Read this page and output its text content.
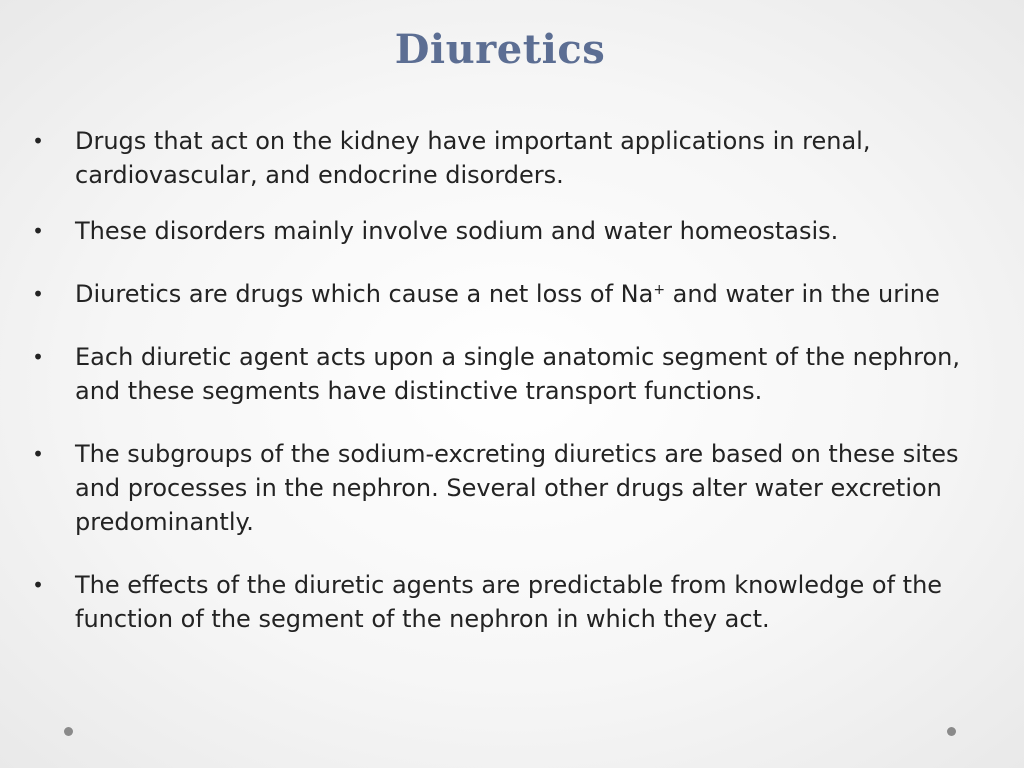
Diuretics
• Drugs that act on the kidney have important applications in renal, cardiovascular, and endocrine disorders.
• These disorders mainly involve sodium and water homeostasis.
• Diuretics are drugs which cause a net loss of Na+ and water in the urine
• Each diuretic agent acts upon a single anatomic segment of the nephron, and these segments have distinctive transport functions.
• The subgroups of the sodium-excreting diuretics are based on these sites and processes in the nephron. Several other drugs alter water excretion predominantly.
• The effects of the diuretic agents are predictable from knowledge of the function of the segment of the nephron in which they act.
